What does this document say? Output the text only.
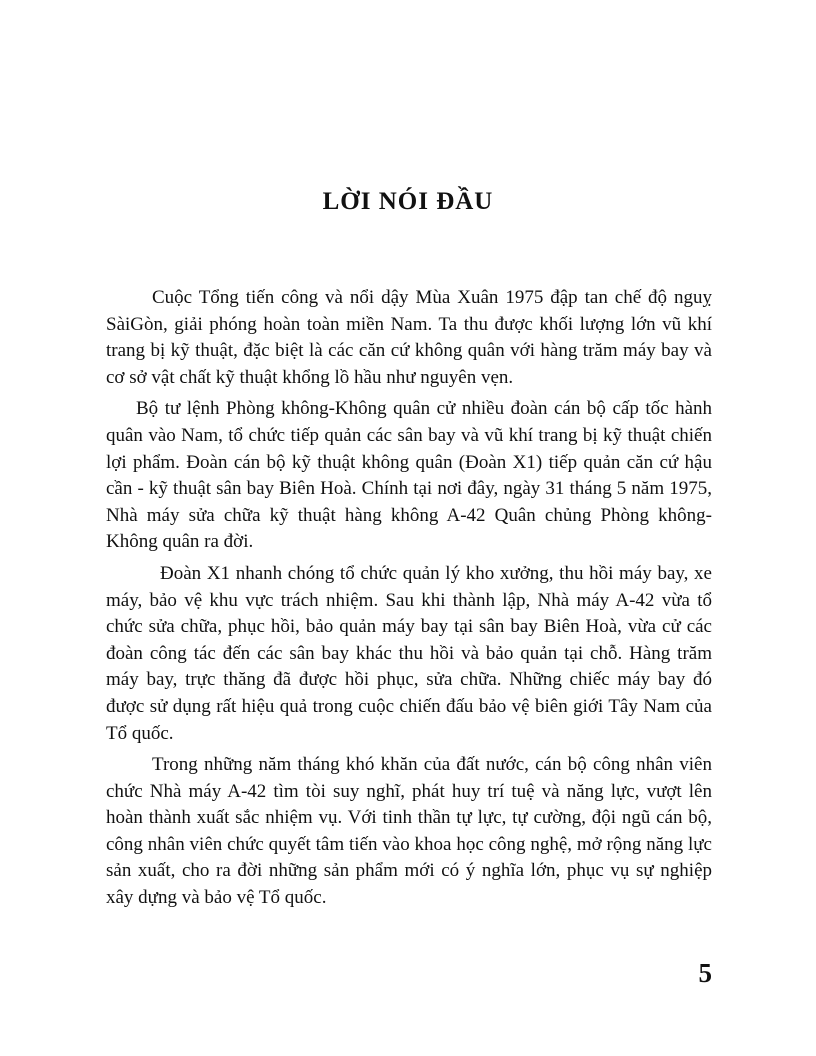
LỜI NÓI ĐẦU

Cuộc Tổng tiến công và nổi dậy Mùa Xuân 1975 đập tan chế độ nguỵ SàiGòn, giải phóng hoàn toàn miền Nam. Ta thu được khối lượng lớn vũ khí trang bị kỹ thuật, đặc biệt là các căn cứ không quân với hàng trăm máy bay và cơ sở vật chất kỹ thuật khổng lồ hầu như nguyên vẹn.

Bộ tư lệnh Phòng không-Không quân cử nhiều đoàn cán bộ cấp tốc hành quân vào Nam, tổ chức tiếp quản các sân bay và vũ khí trang bị kỹ thuật chiến lợi phẩm. Đoàn cán bộ kỹ thuật không quân (Đoàn X1) tiếp quản căn cứ hậu cần - kỹ thuật sân bay Biên Hoà. Chính tại nơi đây, ngày 31 tháng 5 năm 1975, Nhà máy sửa chữa kỹ thuật hàng không A-42 Quân chủng Phòng không- Không quân ra đời.

Đoàn X1 nhanh chóng tổ chức quản lý kho xưởng, thu hồi máy bay, xe máy, bảo vệ khu vực trách nhiệm. Sau khi thành lập, Nhà máy A-42 vừa tổ chức sửa chữa, phục hồi, bảo quản máy bay tại sân bay Biên Hoà, vừa cử các đoàn công tác đến các sân bay khác thu hồi và bảo quản tại chỗ. Hàng trăm máy bay, trực thăng đã được hồi phục, sửa chữa. Những chiếc máy bay đó được sử dụng rất hiệu quả trong cuộc chiến đấu bảo vệ biên giới Tây Nam của Tổ quốc.

Trong những năm tháng khó khăn của đất nước, cán bộ công nhân viên chức Nhà máy A-42 tìm tòi suy nghĩ, phát huy trí tuệ và năng lực, vượt lên hoàn thành xuất sắc nhiệm vụ. Với tinh thần tự lực, tự cường, đội ngũ cán bộ, công nhân viên chức quyết tâm tiến vào khoa học công nghệ, mở rộng năng lực sản xuất, cho ra đời những sản phẩm mới có ý nghĩa lớn, phục vụ sự nghiệp xây dựng và bảo vệ Tổ quốc.

5
